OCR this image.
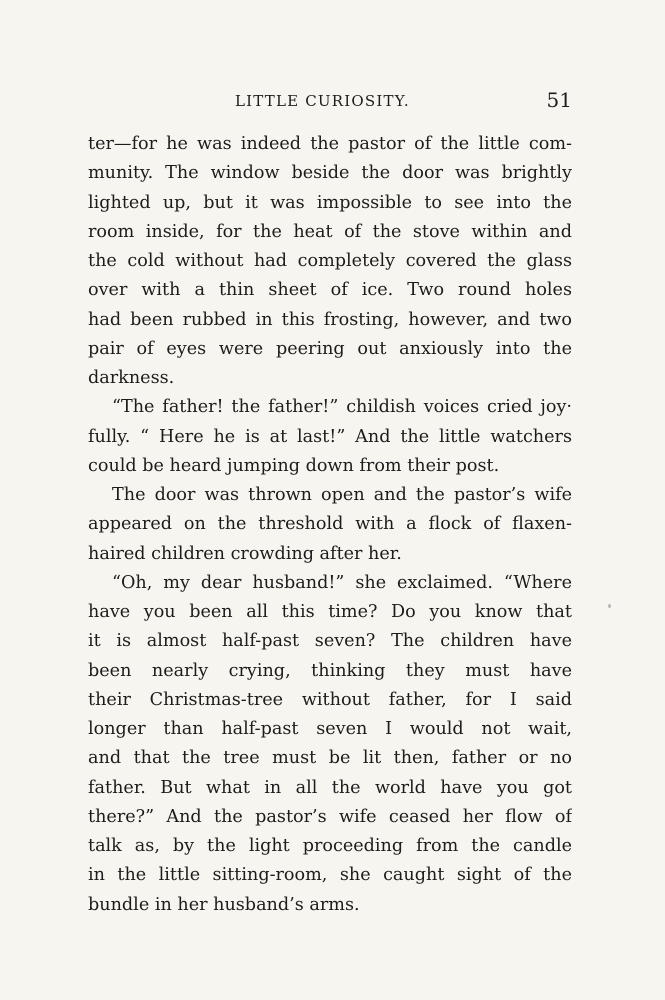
LITTLE CURIOSITY.	51
ter—for he was indeed the pastor of the little com-
munity. The window beside the door was brightly
lighted up, but it was impossible to see into the
room inside, for the heat of the stove within and
the cold without had completely covered the glass
over with a thin sheet of ice. Two round holes
had been rubbed in this frosting, however, and two
pair of eyes were peering out anxiously into the
darkness.
“The father! the father!” childish voices cried joy·
fully. “ Here he is at last!” And the little watchers
could be heard jumping down from their post.
The door was thrown open and the pastor’s wife
appeared on the threshold with a flock of flaxen-
haired children crowding after her.
“Oh, my dear husband!” she exclaimed. “Where
have you been all this time? Do you know that
it is almost half-past seven? The children have
been nearly crying, thinking they must have
their Christmas-tree without father, for I said
longer than half-past seven I would not wait,
and that the tree must be lit then, father or no
father. But what in all the world have you got
there?” And the pastor’s wife ceased her flow of
talk as, by the light proceeding from the candle
in the little sitting-room, she caught sight of the
bundle in her husband’s arms.
